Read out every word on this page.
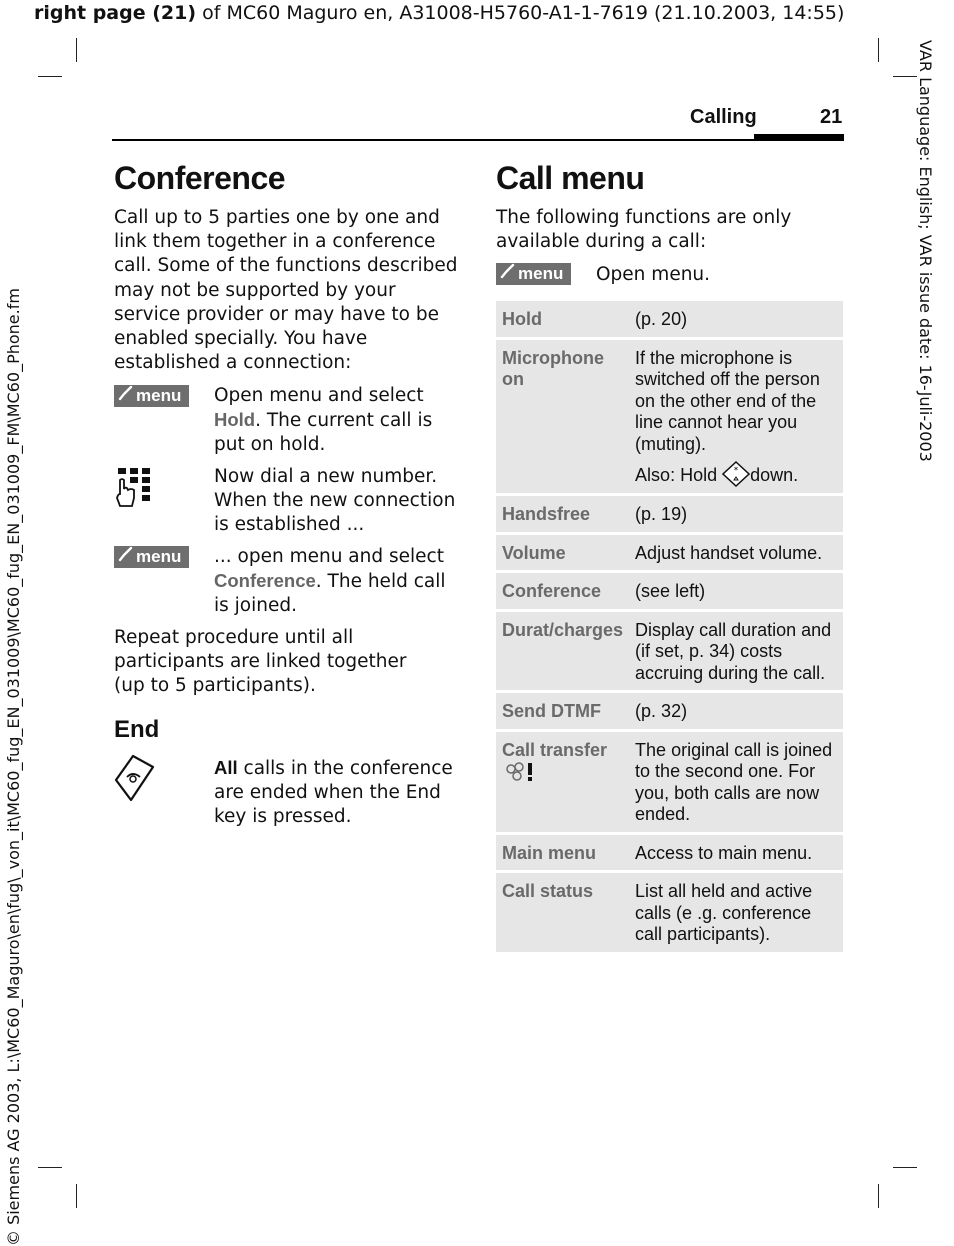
right page (21) of MC60 Maguro en, A31008-H5760-A1-1-7619 (21.10.2003, 14:55)
VAR Language: English; VAR issue date: 16-Juli-2003
© Siemens AG 2003, L:\MC60_Maguro\en\fug\_von_it\MC60_fug_EN_031009\MC60_fug_EN_031009_FM\MC60_Phone.fm
Calling	21
Conference
Call up to 5 parties one by one and link them together in a conference call. Some of the functions described may not be supported by your service provider or may have to be enabled specially. You have established a connection:
menu	Open menu and select Hold. The current call is put on hold.
Now dial a new number. When the new connection is established ...
menu	... open menu and select Conference. The held call is joined.
Repeat procedure until all participants are linked together (up to 5 participants).
End
All calls in the conference are ended when the End key is pressed.
Call menu
The following functions are only available during a call:
menu	Open menu.
Hold	(p. 20)
Microphone on	If the microphone is switched off the person on the other end of the line cannot hear you (muting).
Also: Hold * down.

Handsfree	(p. 19)
Volume	Adjust handset volume.
Conference	(see left)
Durat/charges	Display call duration and (if set, p. 34) costs accruing during the call.
Send DTMF	(p. 32)
Call transfer	The original call is joined to the second one. For you, both calls are now ended.
Main menu	Access to main menu.
Call status	List all held and active calls (e .g. conference call participants).
